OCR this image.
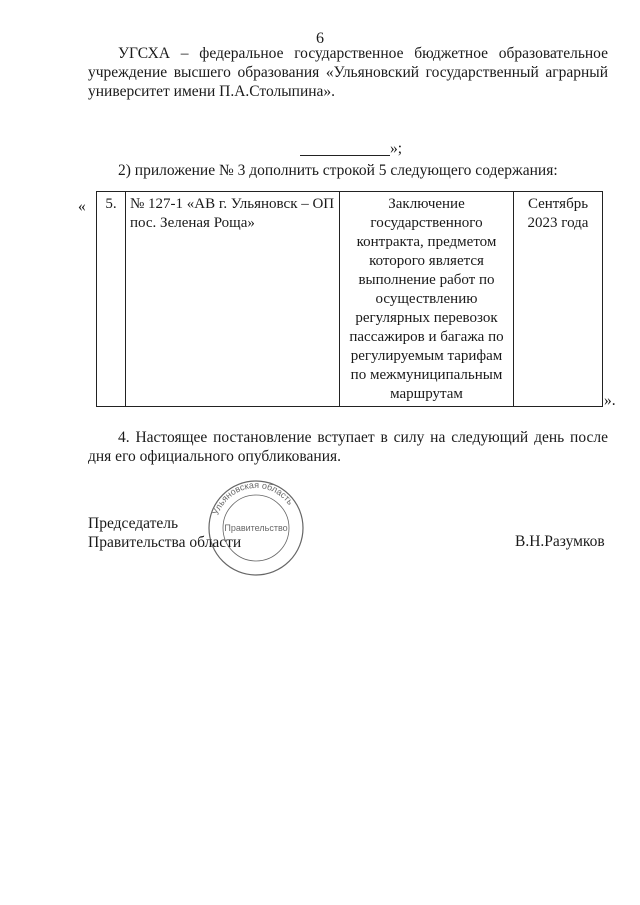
6
УГСХА – федеральное государственное бюджетное образовательное учреждение высшего образования «Ульяновский государственный аграрный университет имени П.А.Столыпина».
»;
2) приложение № 3 дополнить строкой 5 следующего содержания:
« 5.	№ 127-1 «АВ г. Ульяновск – ОП пос. Зеленая Роща»	Заключение государственного контракта, предметом которого является выполнение работ по осуществлению регулярных перевозок пассажиров и багажа по регулируемым тарифам по межмуниципальным маршрутам	Сентябрь 2023 года
».
4. Настоящее постановление вступает в силу на следующий день после дня его официального опубликования.
Председатель
Правительства области
Ульяновская область
Правительство
В.Н.Разумков
